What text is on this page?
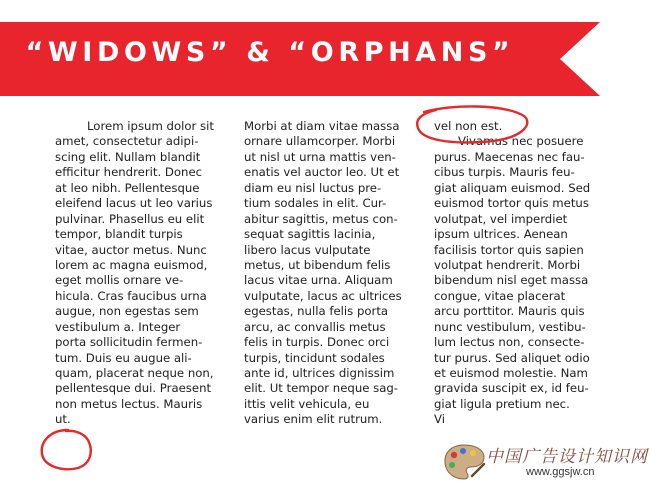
“WIDOWS” & “ORPHANS”
Lorem ipsum dolor sit
amet, consectetur adipi-
scing elit. Nullam blandit
efficitur hendrerit. Donec
at leo nibh. Pellentesque
eleifend lacus ut leo varius
pulvinar. Phasellus eu elit
tempor, blandit turpis
vitae, auctor metus. Nunc
lorem ac magna euismod,
eget mollis ornare ve-
hicula. Cras faucibus urna
augue, non egestas sem
vestibulum a. Integer
porta sollicitudin fermen-
tum. Duis eu augue ali-
quam, placerat neque non,
pellentesque dui. Praesent
non metus lectus. Mauris
ut.
Morbi at diam vitae massa
ornare ullamcorper. Morbi
ut nisl ut urna mattis ven-
enatis vel auctor leo. Ut et
diam eu nisl luctus pre-
tium sodales in elit. Cur-
abitur sagittis, metus con-
sequat sagittis lacinia,
libero lacus vulputate
metus, ut bibendum felis
lacus vitae urna. Aliquam
vulputate, lacus ac ultrices
egestas, nulla felis porta
arcu, ac convallis metus
felis in turpis. Donec orci
turpis, tincidunt sodales
ante id, ultrices dignissim
elit. Ut tempor neque sag-
ittis velit vehicula, eu
varius enim elit rutrum.
vel non est.
Vivamus nec posuere
purus. Maecenas nec fau-
cibus turpis. Mauris feu-
giat aliquam euismod. Sed
euismod tortor quis metus
volutpat, vel imperdiet
ipsum ultrices. Aenean
facilisis tortor quis sapien
volutpat hendrerit. Morbi
bibendum nisl eget massa
congue, vitae placerat
arcu porttitor. Mauris quis
nunc vestibulum, vestibu-
lum lectus non, consectе-
tur purus. Sed aliquet odio
et euismod molestie. Nam
gravida suscipit ex, id feu-
giat ligula pretium nec.
Vi
中国广告设计知识网
www.ggsjw.cn
